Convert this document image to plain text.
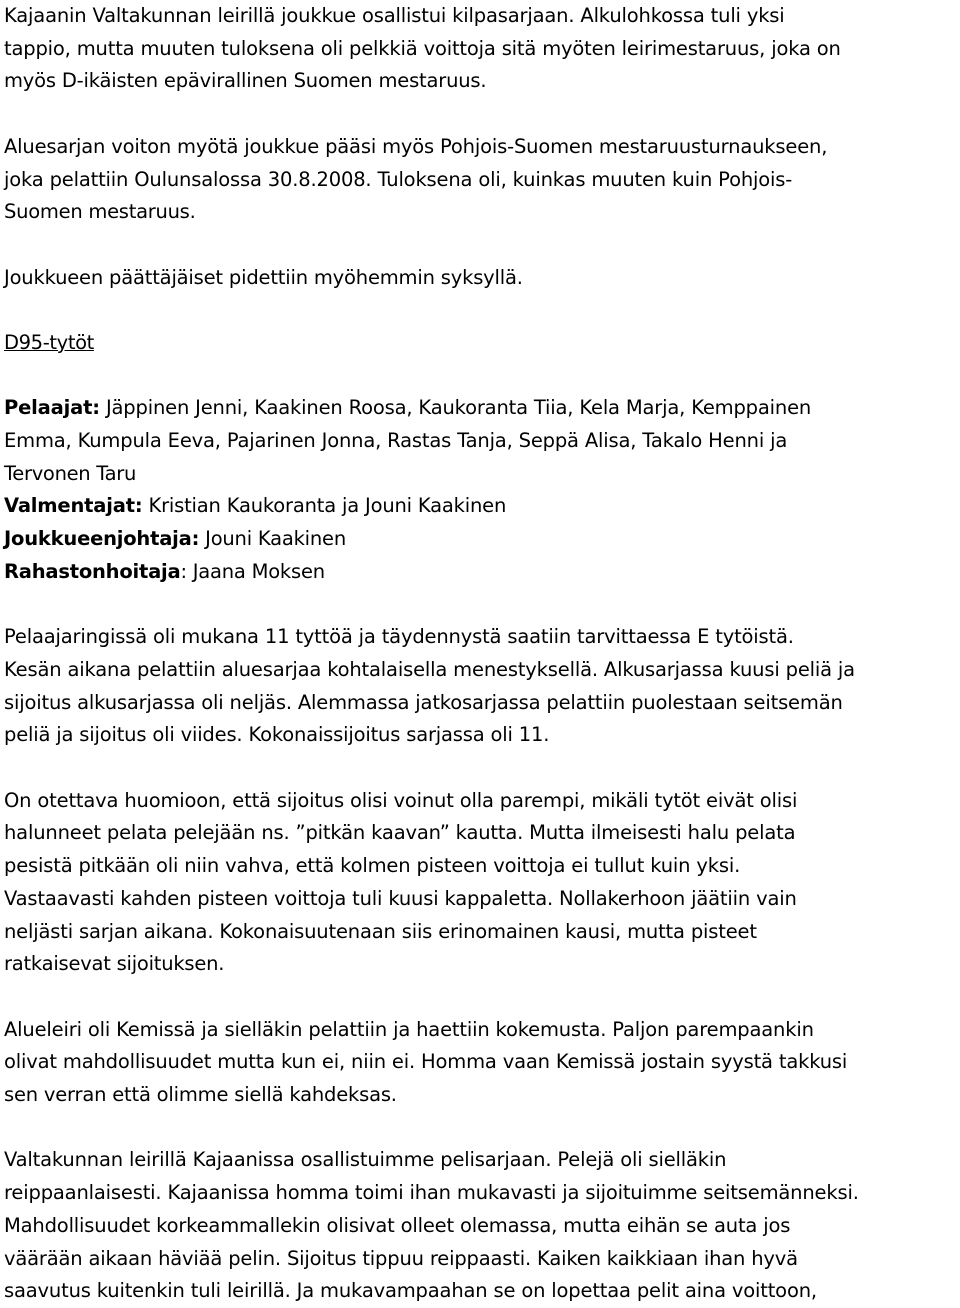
Kajaanin Valtakunnan leirillä joukkue osallistui kilpasarjaan. Alkulohkossa tuli yksi
tappio, mutta muuten tuloksena oli pelkkiä voittoja sitä myöten leirimestaruus, joka on
myös D-ikäisten epävirallinen Suomen mestaruus.
Aluesarjan voiton myötä joukkue pääsi myös Pohjois-Suomen mestaruusturnaukseen,
joka pelattiin Oulunsalossa 30.8.2008. Tuloksena oli, kuinkas muuten kuin Pohjois-
Suomen mestaruus.
Joukkueen päättäjäiset pidettiin myöhemmin syksyllä.
D95-tytöt
Pelaajat: Jäppinen Jenni, Kaakinen Roosa, Kaukoranta Tiia, Kela Marja, Kemppainen
Emma, Kumpula Eeva, Pajarinen Jonna, Rastas Tanja, Seppä Alisa, Takalo Henni ja
Tervonen Taru
Valmentajat: Kristian Kaukoranta ja Jouni Kaakinen
Joukkueenjohtaja: Jouni Kaakinen
Rahastonhoitaja: Jaana Moksen
Pelaajaringissä oli mukana 11 tyttöä ja täydennystä saatiin tarvittaessa E tytöistä.
Kesän aikana pelattiin aluesarjaa kohtalaisella menestyksellä. Alkusarjassa kuusi peliä ja
sijoitus alkusarjassa oli neljäs. Alemmassa jatkosarjassa pelattiin puolestaan seitsemän
peliä ja sijoitus oli viides. Kokonaissijoitus sarjassa oli 11.
On otettava huomioon, että sijoitus olisi voinut olla parempi, mikäli tytöt eivät olisi
halunneet pelata pelejään ns. ”pitkän kaavan” kautta. Mutta ilmeisesti halu pelata
pesistä pitkään oli niin vahva, että kolmen pisteen voittoja ei tullut kuin yksi.
Vastaavasti kahden pisteen voittoja tuli kuusi kappaletta. Nollakerhoon jäätiin vain
neljästi sarjan aikana. Kokonaisuutenaan siis erinomainen kausi, mutta pisteet
ratkaisevat sijoituksen.
Alueleiri oli Kemissä ja sielläkin pelattiin ja haettiin kokemusta. Paljon parempaankin
olivat mahdollisuudet mutta kun ei, niin ei. Homma vaan Kemissä jostain syystä takkusi
sen verran että olimme siellä kahdeksas.
Valtakunnan leirillä Kajaanissa osallistuimme pelisarjaan. Pelejä oli sielläkin
reippaanlaisesti. Kajaanissa homma toimi ihan mukavasti ja sijoituimme seitsemänneksi.
Mahdollisuudet korkeammallekin olisivat olleet olemassa, mutta eihän se auta jos
väärään aikaan häviää pelin. Sijoitus tippuu reippaasti. Kaiken kaikkiaan ihan hyvä
saavutus kuitenkin tuli leirillä. Ja mukavampaahan se on lopettaa pelit aina voittoon,
